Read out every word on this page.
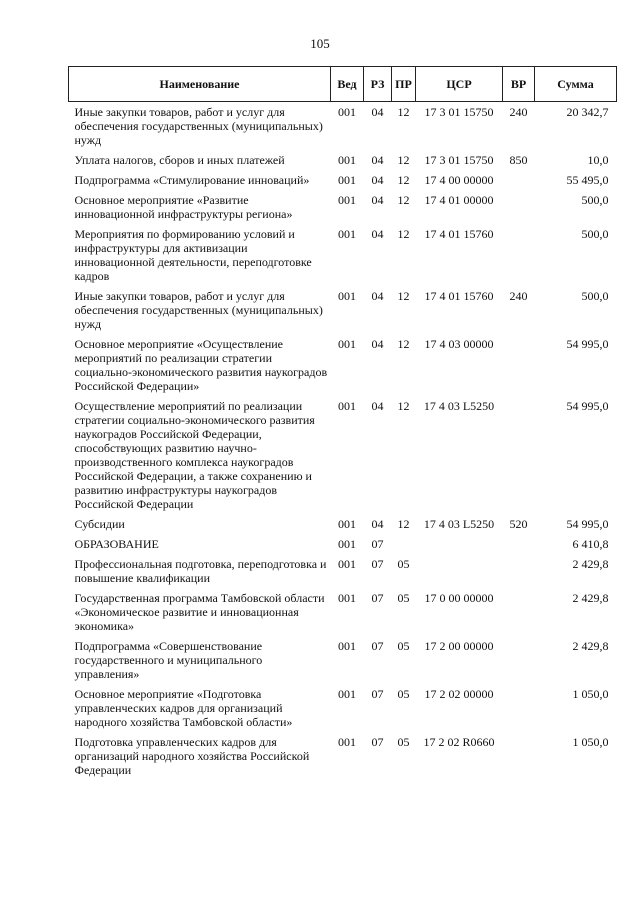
105
Наименование	Вед	РЗ	ПР	ЦСР	ВР	Сумма
Иные закупки товаров, работ и услуг для обеспечения государственных (муниципальных) нужд	001	04	12	17 3 01 15750	240	20 342,7
Уплата налогов, сборов и иных платежей	001	04	12	17 3 01 15750	850	10,0
Подпрограмма «Стимулирование инноваций»	001	04	12	17 4 00 00000		55 495,0
Основное мероприятие «Развитие инновационной инфраструктуры региона»	001	04	12	17 4 01 00000		500,0
Мероприятия по формированию условий и инфраструктуры для активизации инновационной деятельности, переподготовке кадров	001	04	12	17 4 01 15760		500,0
Иные закупки товаров, работ и услуг для обеспечения государственных (муниципальных) нужд	001	04	12	17 4 01 15760	240	500,0
Основное мероприятие «Осуществление мероприятий по реализации стратегии социально-экономического развития наукоградов Российской Федерации»	001	04	12	17 4 03 00000		54 995,0
Осуществление мероприятий по реализации стратегии социально-экономического развития наукоградов Российской Федерации, способствующих развитию научно-производственного комплекса наукоградов Российской Федерации, а также сохранению и развитию инфраструктуры наукоградов Российской Федерации	001	04	12	17 4 03 L5250		54 995,0
Субсидии	001	04	12	17 4 03 L5250	520	54 995,0
ОБРАЗОВАНИЕ	001	07				6 410,8
Профессиональная подготовка, переподготовка и повышение квалификации	001	07	05			2 429,8
Государственная программа Тамбовской области «Экономическое развитие и инновационная экономика»	001	07	05	17 0 00 00000		2 429,8
Подпрограмма «Совершенствование государственного и муниципального управления»	001	07	05	17 2 00 00000		2 429,8
Основное мероприятие «Подготовка управленческих кадров для организаций народного хозяйства Тамбовской области»	001	07	05	17 2 02 00000		1 050,0
Подготовка управленческих кадров для организаций народного хозяйства Российской Федерации	001	07	05	17 2 02 R0660		1 050,0
